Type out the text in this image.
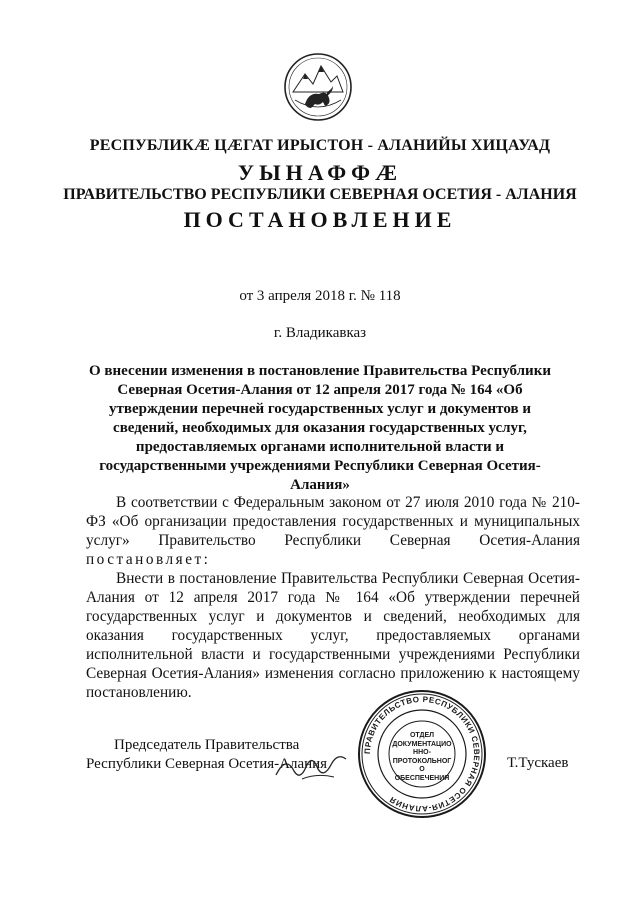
РЕСПУБЛИКÆ ЦÆГАТ ИРЫСТОН - АЛАНИЙЫ ХИЦАУАД
УЫНАФФÆ
ПРАВИТЕЛЬСТВО РЕСПУБЛИКИ СЕВЕРНАЯ ОСЕТИЯ - АЛАНИЯ
ПОСТАНОВЛЕНИЕ
от 3 апреля 2018 г. № 118
г. Владикавказ
О внесении изменения в постановление Правительства Республики Северная Осетия-Алания от 12 апреля 2017 года № 164 «Об утверждении перечней государственных услуг и документов и сведений, необходимых для оказания государственных услуг, предоставляемых органами исполнительной власти и государственными учреждениями Республики Северная Осетия-Алания»

В соответствии с Федеральным законом от 27 июля 2010 года № 210-ФЗ «Об организации предоставления государственных и муниципальных услуг» Правительство Республики Северная Осетия-Алания постановляет:

Внести в постановление Правительства Республики Северная Осетия-Алания от 12 апреля 2017 года № 164 «Об утверждении перечней государственных услуг и документов и сведений, необходимых для оказания государственных услуг, предоставляемых органами исполнительной власти и государственными учреждениями Республики Северная Осетия-Алания» изменения согласно приложению к настоящему постановлению.

Председатель Правительства
Республики Северная Осетия-Алания
ПРАВИТЕЛЬСТВО РЕСПУБЛИКИ СЕВЕРНАЯ ОСЕТИЯ-АЛАНИЯ
ОТДЕЛ ДОКУМЕНТАЦИОННО-ПРОТОКОЛЬНОГО ОБЕСПЕЧЕНИЯ
Т.Тускаев
